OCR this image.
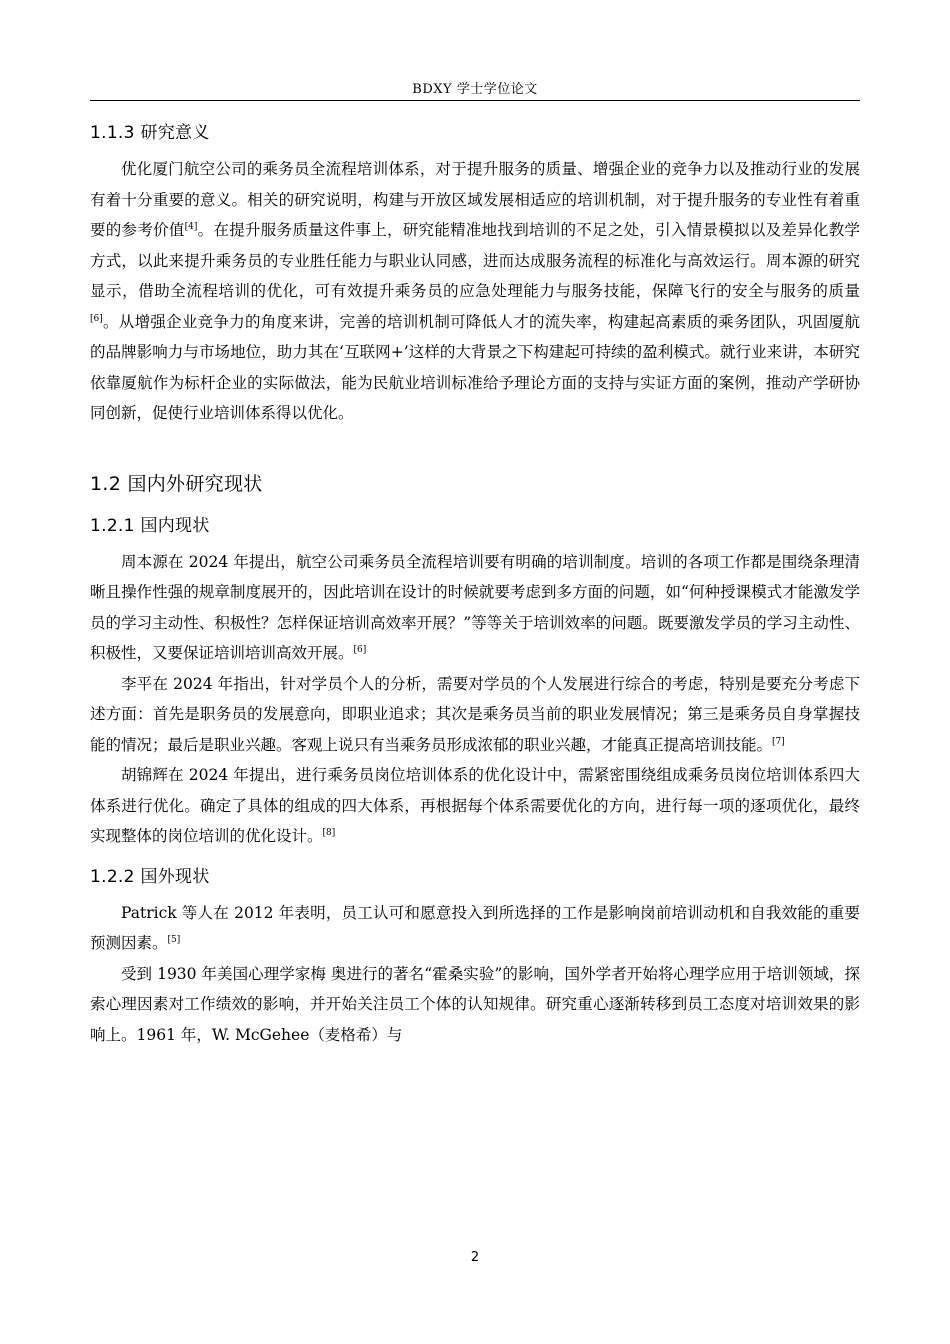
BDXY 学士学位论文
1.1.3 研究意义

优化厦门航空公司的乘务员全流程培训体系，对于提升服务的质量、增强企业的竞争力以及推动行业的发展有着十分重要的意义。相关的研究说明，构建与开放区域发展相适应的培训机制，对于提升服务的专业性有着重要的参考价值[4]。在提升服务质量这件事上，研究能精准地找到培训的不足之处，引入情景模拟以及差异化教学方式，以此来提升乘务员的专业胜任能力与职业认同感，进而达成服务流程的标准化与高效运行。周本源的研究显示，借助全流程培训的优化，可有效提升乘务员的应急处理能力与服务技能，保障飞行的安全与服务的质量[6]。从增强企业竞争力的角度来讲，完善的培训机制可降低人才的流失率，构建起高素质的乘务团队，巩固厦航的品牌影响力与市场地位，助力其在‘互联网+’这样的大背景之下构建起可持续的盈利模式。就行业来讲，本研究依靠厦航作为标杆企业的实际做法，能为民航业培训标准给予理论方面的支持与实证方面的案例，推动产学研协同创新，促使行业培训体系得以优化。

1.2 国内外研究现状
1.2.1 国内现状

周本源在 2024 年提出，航空公司乘务员全流程培训要有明确的培训制度。培训的各项工作都是围绕条理清晰且操作性强的规章制度展开的，因此培训在设计的时候就要考虑到多方面的问题，如“何种授课模式才能激发学员的学习主动性、积极性？怎样保证培训高效率开展？”等等关于培训效率的问题。既要激发学员的学习主动性、积极性，又要保证培训培训高效开展。[6]

李平在 2024 年指出，针对学员个人的分析，需要对学员的个人发展进行综合的考虑，特别是要充分考虑下述方面：首先是职务员的发展意向，即职业追求；其次是乘务员当前的职业发展情况；第三是乘务员自身掌握技能的情况；最后是职业兴趣。客观上说只有当乘务员形成浓郁的职业兴趣，才能真正提高培训技能。[7]

胡锦辉在 2024 年提出，进行乘务员岗位培训体系的优化设计中，需紧密围绕组成乘务员岗位培训体系四大体系进行优化。确定了具体的组成的四大体系，再根据每个体系需要优化的方向，进行每一项的逐项优化，最终实现整体的岗位培训的优化设计。[8]

1.2.2 国外现状

Patrick 等人在 2012 年表明，员工认可和愿意投入到所选择的工作是影响岗前培训动机和自我效能的重要预测因素。[5]

受到 1930 年美国心理学家梅 奥进行的著名“霍桑实验”的影响，国外学者开始将心理学应用于培训领域，探索心理因素对工作绩效的影响，并开始关注员工个体的认知规律。研究重心逐渐转移到员工态度对培训效果的影响上。1961 年，W. McGehee（麦格希）与

2
